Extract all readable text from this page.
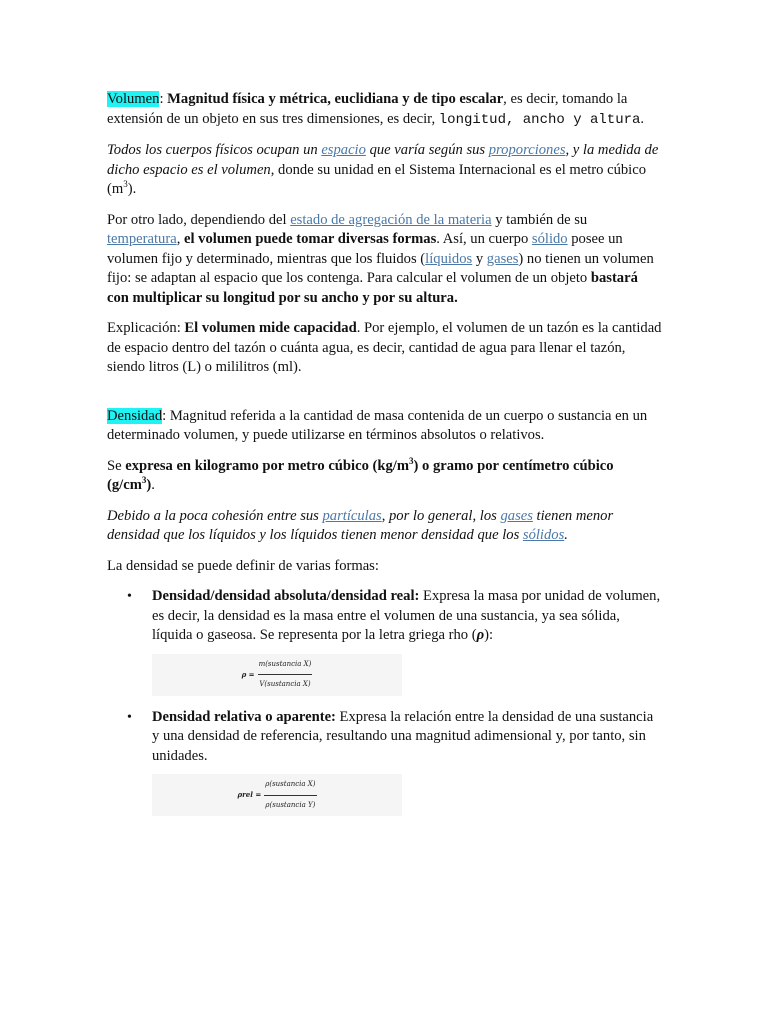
Volumen: Magnitud física y métrica, euclidiana y de tipo escalar, es decir, tomando la extensión de un objeto en sus tres dimensiones, es decir, longitud, ancho y altura.

Todos los cuerpos físicos ocupan un espacio que varía según sus proporciones, y la medida de dicho espacio es el volumen, donde su unidad en el Sistema Internacional es el metro cúbico $(m^3)$.

Por otro lado, dependiendo del estado de agregación de la materia y también de su temperatura, el volumen puede tomar diversas formas. Así, un cuerpo sólido posee un volumen fijo y determinado, mientras que los fluidos (líquidos y gases) no tienen un volumen fijo: se adaptan al espacio que los contenga. Para calcular el volumen de un objeto bastará con multiplicar su longitud por su ancho y por su altura.

Explicación: El volumen mide capacidad. Por ejemplo, el volumen de un tazón es la cantidad de espacio dentro del tazón o cuánta agua, es decir, cantidad de agua para llenar el tazón, siendo litros (L) o mililitros (ml).

Densidad: Magnitud referida a la cantidad de masa contenida de un cuerpo o sustancia en un determinado volumen, y puede utilizarse en términos absolutos o relativos.

Se expresa en kilogramo por metro cúbico $(kg/m^3)$ o gramo por centímetro cúbico $(g/cm^3)$.

Debido a la poca cohesión entre sus partículas, por lo general, los gases tienen menor densidad que los líquidos y los líquidos tienen menor densidad que los sólidos.

La densidad se puede definir de varias formas:

• Densidad/densidad absoluta/densidad real: Expresa la masa por unidad de volumen, es decir, la densidad es la masa entre el volumen de una sustancia, ya sea sólida, líquida o gaseosa. Se representa por la letra griega rho (ρ):
$\rho = \frac{\text{m(sustancia X)}}{\text{V(sustancia X)}}$
• Densidad relativa o aparente: Expresa la relación entre la densidad de una sustancia y una densidad de referencia, resultando una magnitud adimensional y, por tanto, sin unidades.
$\rho rel = \frac{\text{ρ(sustancia X)}}{\text{ρ(sustancia Y)}}$
